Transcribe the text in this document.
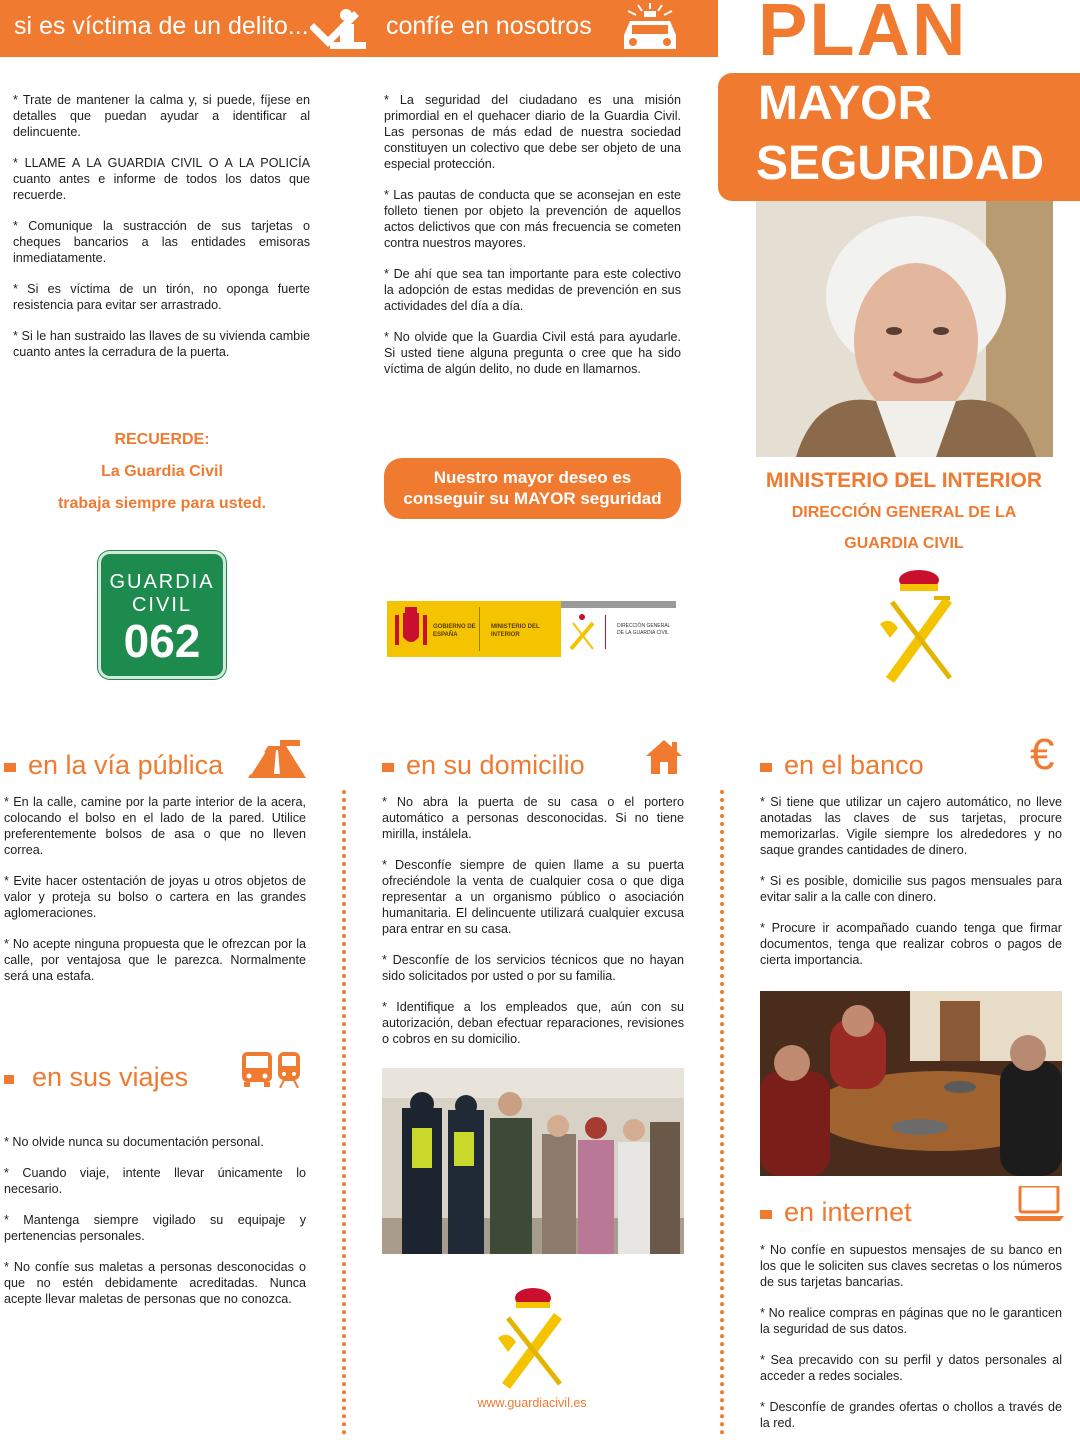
si es víctima de un delito...	confíe en nosotros PLAN
MAYOR
SEGURIDAD

* Trate de mantener la calma y, si puede, fíjese en detalles que puedan ayudar a identificar al delincuente.

* LLAME A LA GUARDIA CIVIL O A LA POLICÍA cuanto antes e informe de todos los datos que recuerde.

* Comunique la sustracción de sus tarjetas o cheques bancarios a las entidades emisoras inmediatamente.

* Si es víctima de un tirón, no oponga fuerte resistencia para evitar ser arrastrado.

* Si le han sustraido las llaves de su vivienda cambie cuanto antes la cerradura de la puerta.

RECUERDE:
La Guardia Civil
trabaja siempre para usted.
GUARDIA
CIVIL
062

* La seguridad del ciudadano es una misión primordial en el quehacer diario de la Guardia Civil. Las personas de más edad de nuestra sociedad constituyen un colectivo que debe ser objeto de una especial protección.

* Las pautas de conducta que se aconsejan en este folleto tienen por objeto la prevención de aquellos actos delictivos que con más frecuencia se cometen contra nuestros mayores.

* De ahí que sea tan importante para este colectivo la adopción de estas medidas de prevención en sus actividades del día a día.

* No olvide que la Guardia Civil está para ayudarle. Si usted tiene alguna pregunta o cree que ha sido víctima de algún delito, no dude en llamarnos.

Nuestro mayor deseo es
conseguir su MAYOR seguridad
GOBIERNO DE ESPAÑA
MINISTERIO DEL INTERIOR
DIRECCIÓN GENERAL DE LA GUARDIA CIVIL
MINISTERIO DEL INTERIOR
DIRECCIÓN GENERAL DE LA
GUARDIA CIVIL
en la vía pública

* En la calle, camine por la parte interior de la acera, colocando el bolso en el lado de la pared. Utilice preferentemente bolsos de asa o que no lleven correa.

* Evite hacer ostentación de joyas u otros objetos de valor y proteja su bolso o cartera en las grandes aglomeraciones.

* No acepte ninguna propuesta que le ofrezcan por la calle, por ventajosa que le parezca. Normalmente será una estafa.

en sus viajes

* No olvide nunca su documentación personal.

* Cuando viaje, intente llevar únicamente lo necesario.

* Mantenga siempre vigilado su equipaje y pertenencias personales.

* No confíe sus maletas a personas desconocidas o que no estén debidamente acreditadas. Nunca acepte llevar maletas de personas que no conozca.

en su domicilio

* No abra la puerta de su casa o el portero automático a personas desconocidas. Si no tiene mirilla, instálela.

* Desconfíe siempre de quien llame a su puerta ofreciéndole la venta de cualquier cosa o que diga representar a un organismo público o asociación humanitaria. El delincuente utilizará cualquier excusa para entrar en su casa.

* Desconfíe de los servicios técnicos que no hayan sido solicitados por usted o por su familia.

* Identifique a los empleados que, aún con su autorización, deban efectuar reparaciones, revisiones o cobros en su domicilio.

www.guardiacivil.es
en el banco €

* Si tiene que utilizar un cajero automático, no lleve anotadas las claves de sus tarjetas, procure memorizarlas. Vigile siempre los alrededores y no saque grandes cantidades de dinero.

* Si es posible, domicilie sus pagos mensuales para evitar salir a la calle con dinero.

* Procure ir acompañado cuando tenga que firmar documentos, tenga que realizar cobros o pagos de cierta importancia.

en internet

* No confíe en supuestos mensajes de su banco en los que le soliciten sus claves secretas o los números de sus tarjetas bancarias.

* No realice compras en páginas que no le garanticen la seguridad de sus datos.

* Sea precavido con su perfil y datos personales al acceder a redes sociales.

* Desconfíe de grandes ofertas o chollos a través de la red.
